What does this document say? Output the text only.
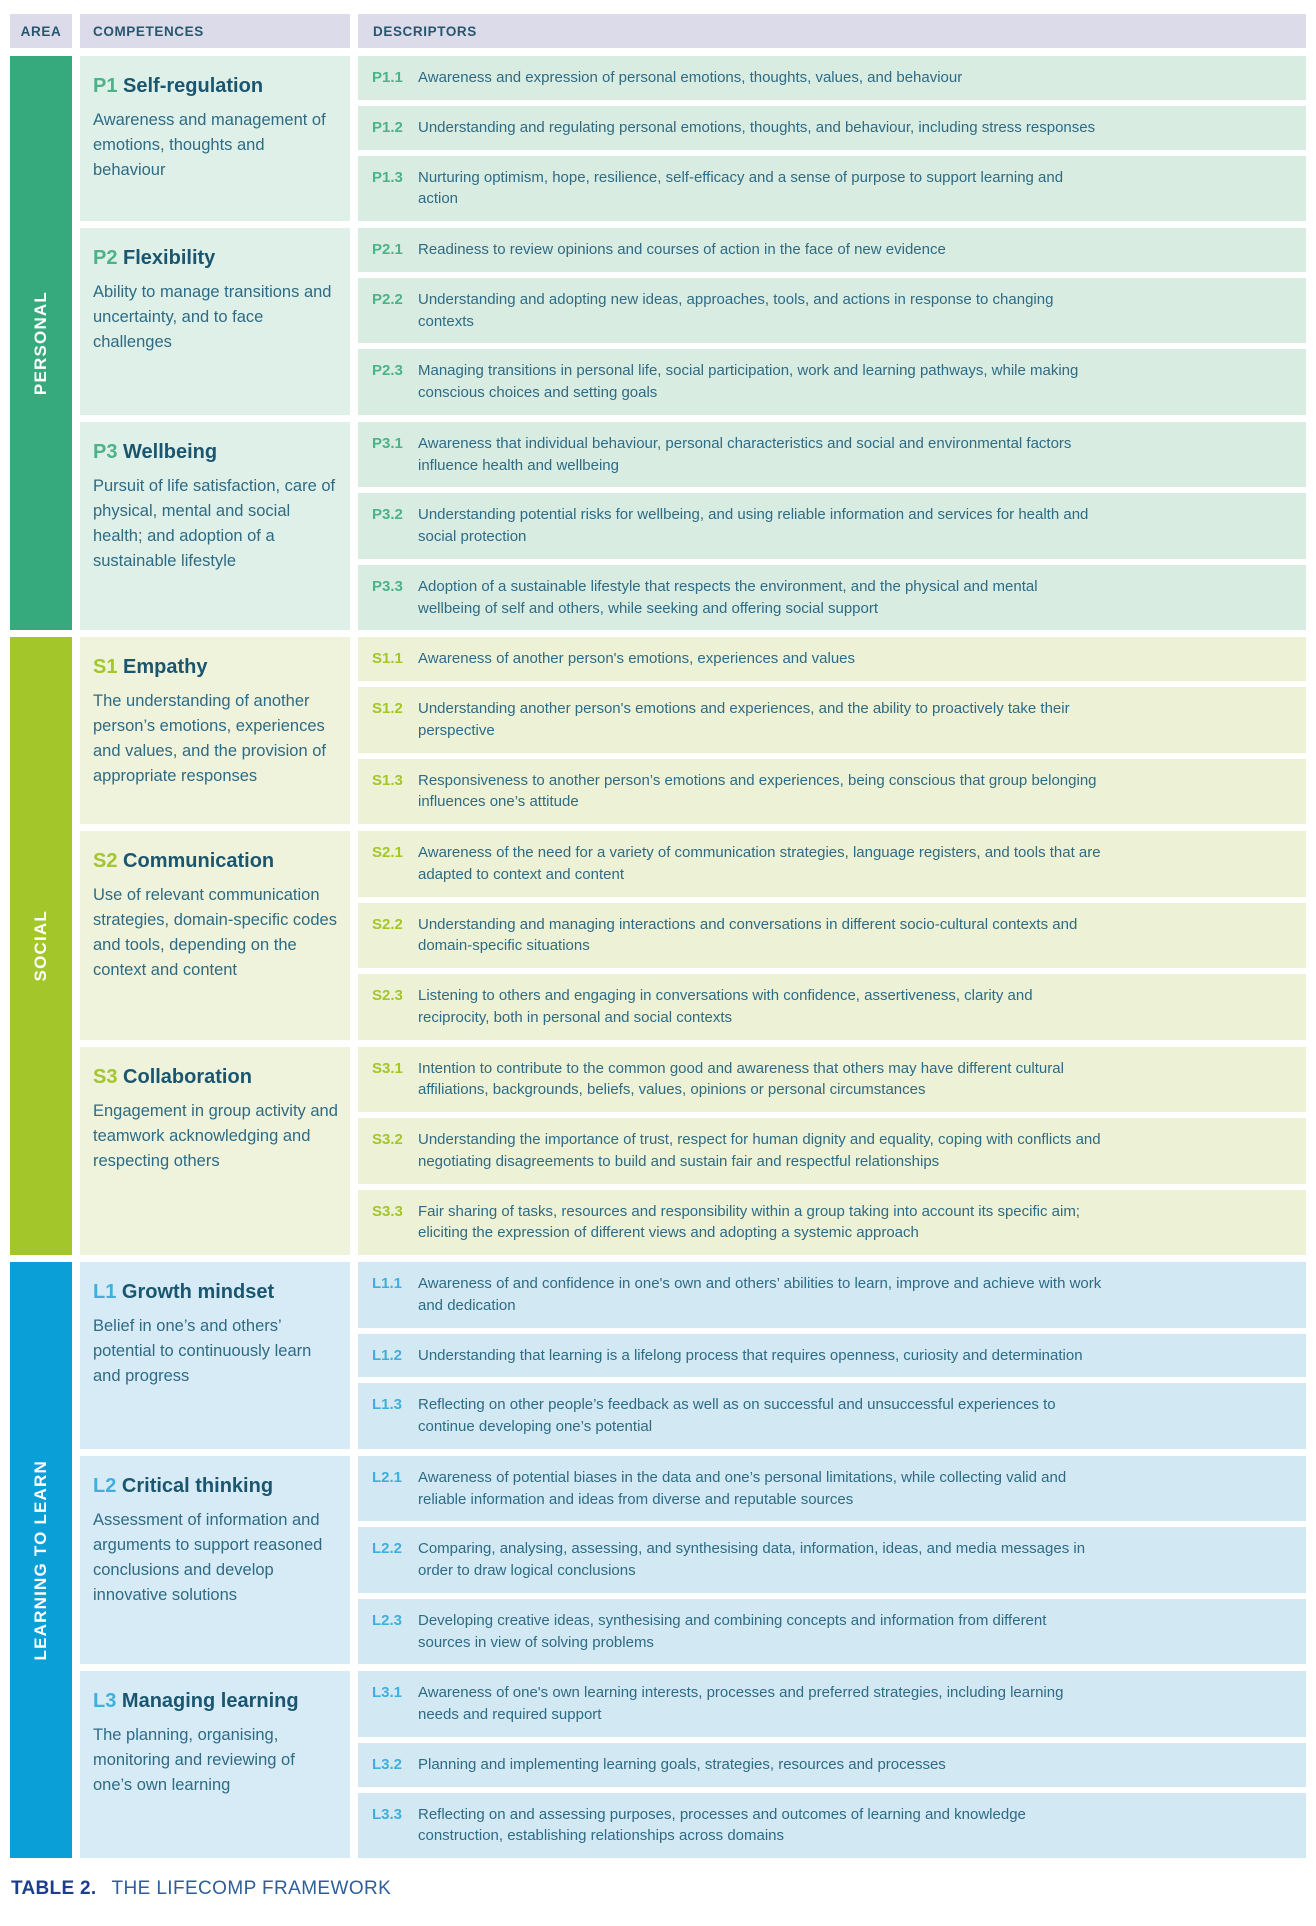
AREA	COMPETENCES	DESCRIPTORS
PERSONAL
P1 Self-regulation
Awareness and management of emotions, thoughts and behaviour
P1.1	Awareness and expression of personal emotions, thoughts, values, and behaviour
P1.2	Understanding and regulating personal emotions, thoughts, and behaviour, including stress responses
P1.3	Nurturing optimism, hope, resilience, self-efficacy and a sense of purpose to support learning and action
P2 Flexibility
Ability to manage transitions and uncertainty, and to face challenges
P2.1	Readiness to review opinions and courses of action in the face of new evidence
P2.2	Understanding and adopting new ideas, approaches, tools, and actions in response to changing contexts
P2.3	Managing transitions in personal life, social participation, work and learning pathways, while making conscious choices and setting goals
P3 Wellbeing
Pursuit of life satisfaction, care of physical, mental and social health; and adoption of a sustainable lifestyle
P3.1	Awareness that individual behaviour, personal characteristics and social and environmental factors influence health and wellbeing
P3.2	Understanding potential risks for wellbeing, and using reliable information and services for health and social protection
P3.3	Adoption of a sustainable lifestyle that respects the environment, and the physical and mental wellbeing of self and others, while seeking and offering social support
SOCIAL
S1 Empathy
The understanding of another person’s emotions, experiences and values, and the provision of appropriate responses
S1.1	Awareness of another person's emotions, experiences and values
S1.2	Understanding another person's emotions and experiences, and the ability to proactively take their perspective
S1.3	Responsiveness to another person’s emotions and experiences, being conscious that group belonging influences one’s attitude
S2 Communication
Use of relevant communication strategies, domain-specific codes and tools, depending on the context and content
S2.1	Awareness of the need for a variety of communication strategies, language registers, and tools that are adapted to context and content
S2.2	Understanding and managing interactions and conversations in different socio-cultural contexts and domain-specific situations
S2.3	Listening to others and engaging in conversations with confidence, assertiveness, clarity and reciprocity, both in personal and social contexts
S3 Collaboration
Engagement in group activity and teamwork acknowledging and respecting others
S3.1	Intention to contribute to the common good and awareness that others may have different cultural affiliations, backgrounds, beliefs, values, opinions or personal circumstances
S3.2	Understanding the importance of trust, respect for human dignity and equality, coping with conflicts and negotiating disagreements to build and sustain fair and respectful relationships
S3.3	Fair sharing of tasks, resources and responsibility within a group taking into account its specific aim; eliciting the expression of different views and adopting a systemic approach
LEARNING TO LEARN
L1 Growth mindset
Belief in one’s and others’ potential to continuously learn and progress
L1.1	Awareness of and confidence in one's own and others’ abilities to learn, improve and achieve with work and dedication
L1.2	Understanding that learning is a lifelong process that requires openness, curiosity and determination
L1.3	Reflecting on other people’s feedback as well as on successful and unsuccessful experiences to continue developing one’s potential
L2 Critical thinking
Assessment of information and arguments to support reasoned conclusions and develop innovative solutions
L2.1	Awareness of potential biases in the data and one’s personal limitations, while collecting valid and reliable information and ideas from diverse and reputable sources
L2.2	Comparing, analysing, assessing, and synthesising data, information, ideas, and media messages in order to draw logical conclusions
L2.3	Developing creative ideas, synthesising and combining concepts and information from different sources in view of solving problems
L3 Managing learning
The planning, organising, monitoring and reviewing of one’s own learning
L3.1	Awareness of one's own learning interests, processes and preferred strategies, including learning needs and required support
L3.2	Planning and implementing learning goals, strategies, resources and processes
L3.3	Reflecting on and assessing purposes, processes and outcomes of learning and knowledge construction, establishing relationships across domains
TABLE 2. THE LIFECOMP FRAMEWORK
